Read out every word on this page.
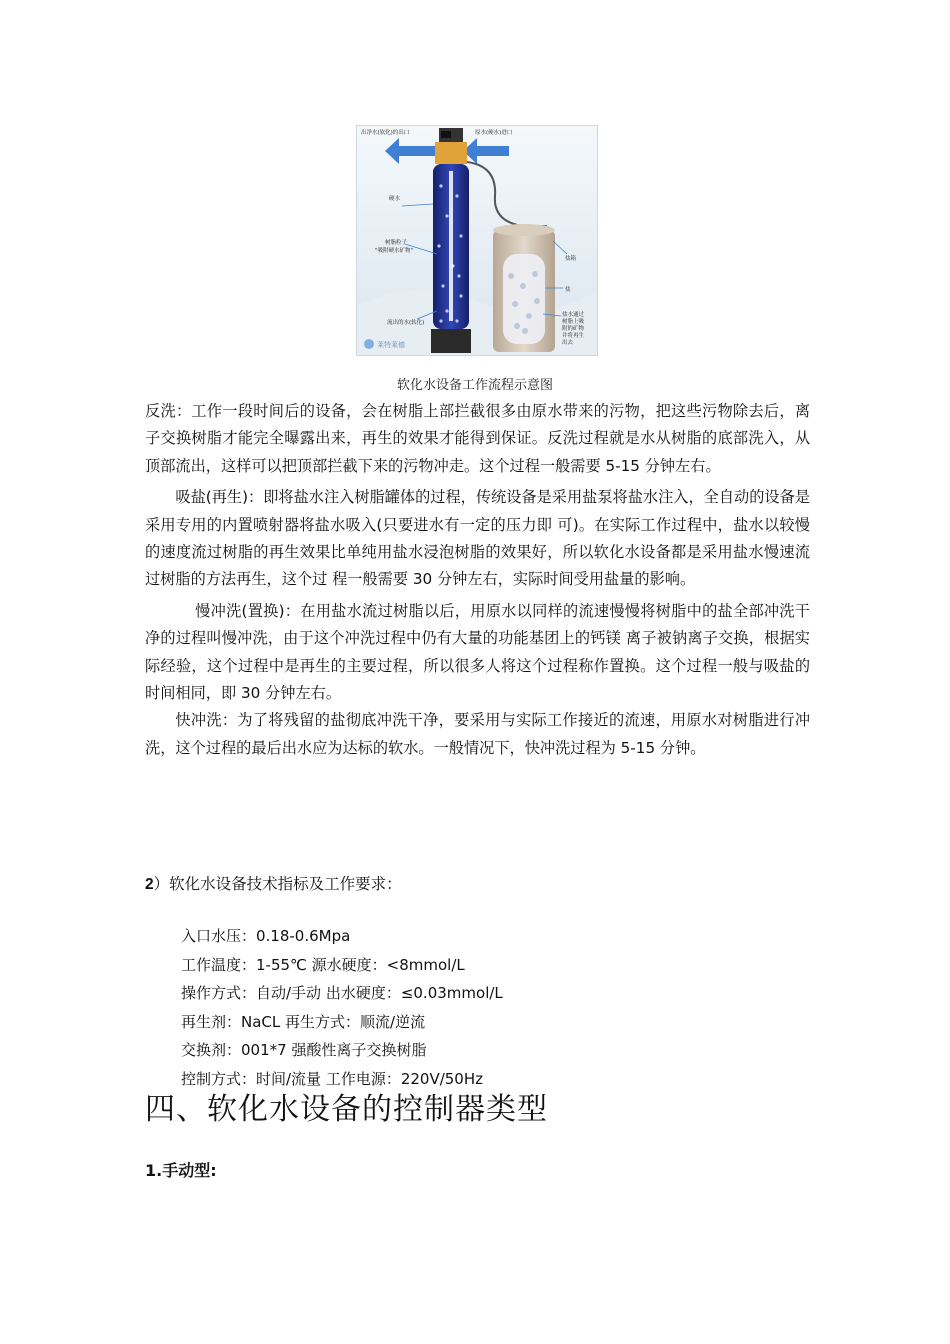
出净水(软化)的出口	原水(硬水)进口
硬水
树脂粒子
"吸附硬水矿物"
盐箱
盐
盐水通过
树脂上吸
附的矿物
并将再生
出去
流出的水(软化)
莱特莱德
软化水设备工作流程示意图

反洗：工作一段时间后的设备，会在树脂上部拦截很多由原水带来的污物，把这些污物除去后，离子交换树脂才能完全曝露出来，再生的效果才能得到保证。反洗过程就是水从树脂的底部洗入，从顶部流出，这样可以把顶部拦截下来的污物冲走。这个过程一般需要 5-15 分钟左右。

吸盐(再生)：即将盐水注入树脂罐体的过程，传统设备是采用盐泵将盐水注入，全自动的设备是采用专用的内置喷射器将盐水吸入(只要进水有一定的压力即 可)。在实际工作过程中，盐水以较慢的速度流过树脂的再生效果比单纯用盐水浸泡树脂的效果好，所以软化水设备都是采用盐水慢速流过树脂的方法再生，这个过 程一般需要 30 分钟左右，实际时间受用盐量的影响。

慢冲洗(置换)：在用盐水流过树脂以后，用原水以同样的流速慢慢将树脂中的盐全部冲洗干净的过程叫慢冲洗，由于这个冲洗过程中仍有大量的功能基团上的钙镁 离子被钠离子交换，根据实际经验，这个过程中是再生的主要过程，所以很多人将这个过程称作置换。这个过程一般与吸盐的时间相同，即 30 分钟左右。

快冲洗：为了将残留的盐彻底冲洗干净，要采用与实际工作接近的流速，用原水对树脂进行冲洗，这个过程的最后出水应为达标的软水。一般情况下，快冲洗过程为 5-15 分钟。

2）软化水设备技术指标及工作要求：
入口水压：0.18-0.6Mpa
工作温度：1-55℃ 源水硬度：<8mmol/L
操作方式：自动/手动 出水硬度：≤0.03mmol/L
再生剂：NaCL 再生方式：顺流/逆流
交换剂：001*7 强酸性离子交换树脂
控制方式：时间/流量 工作电源：220V/50Hz
四、软化水设备的控制器类型
1.手动型:
